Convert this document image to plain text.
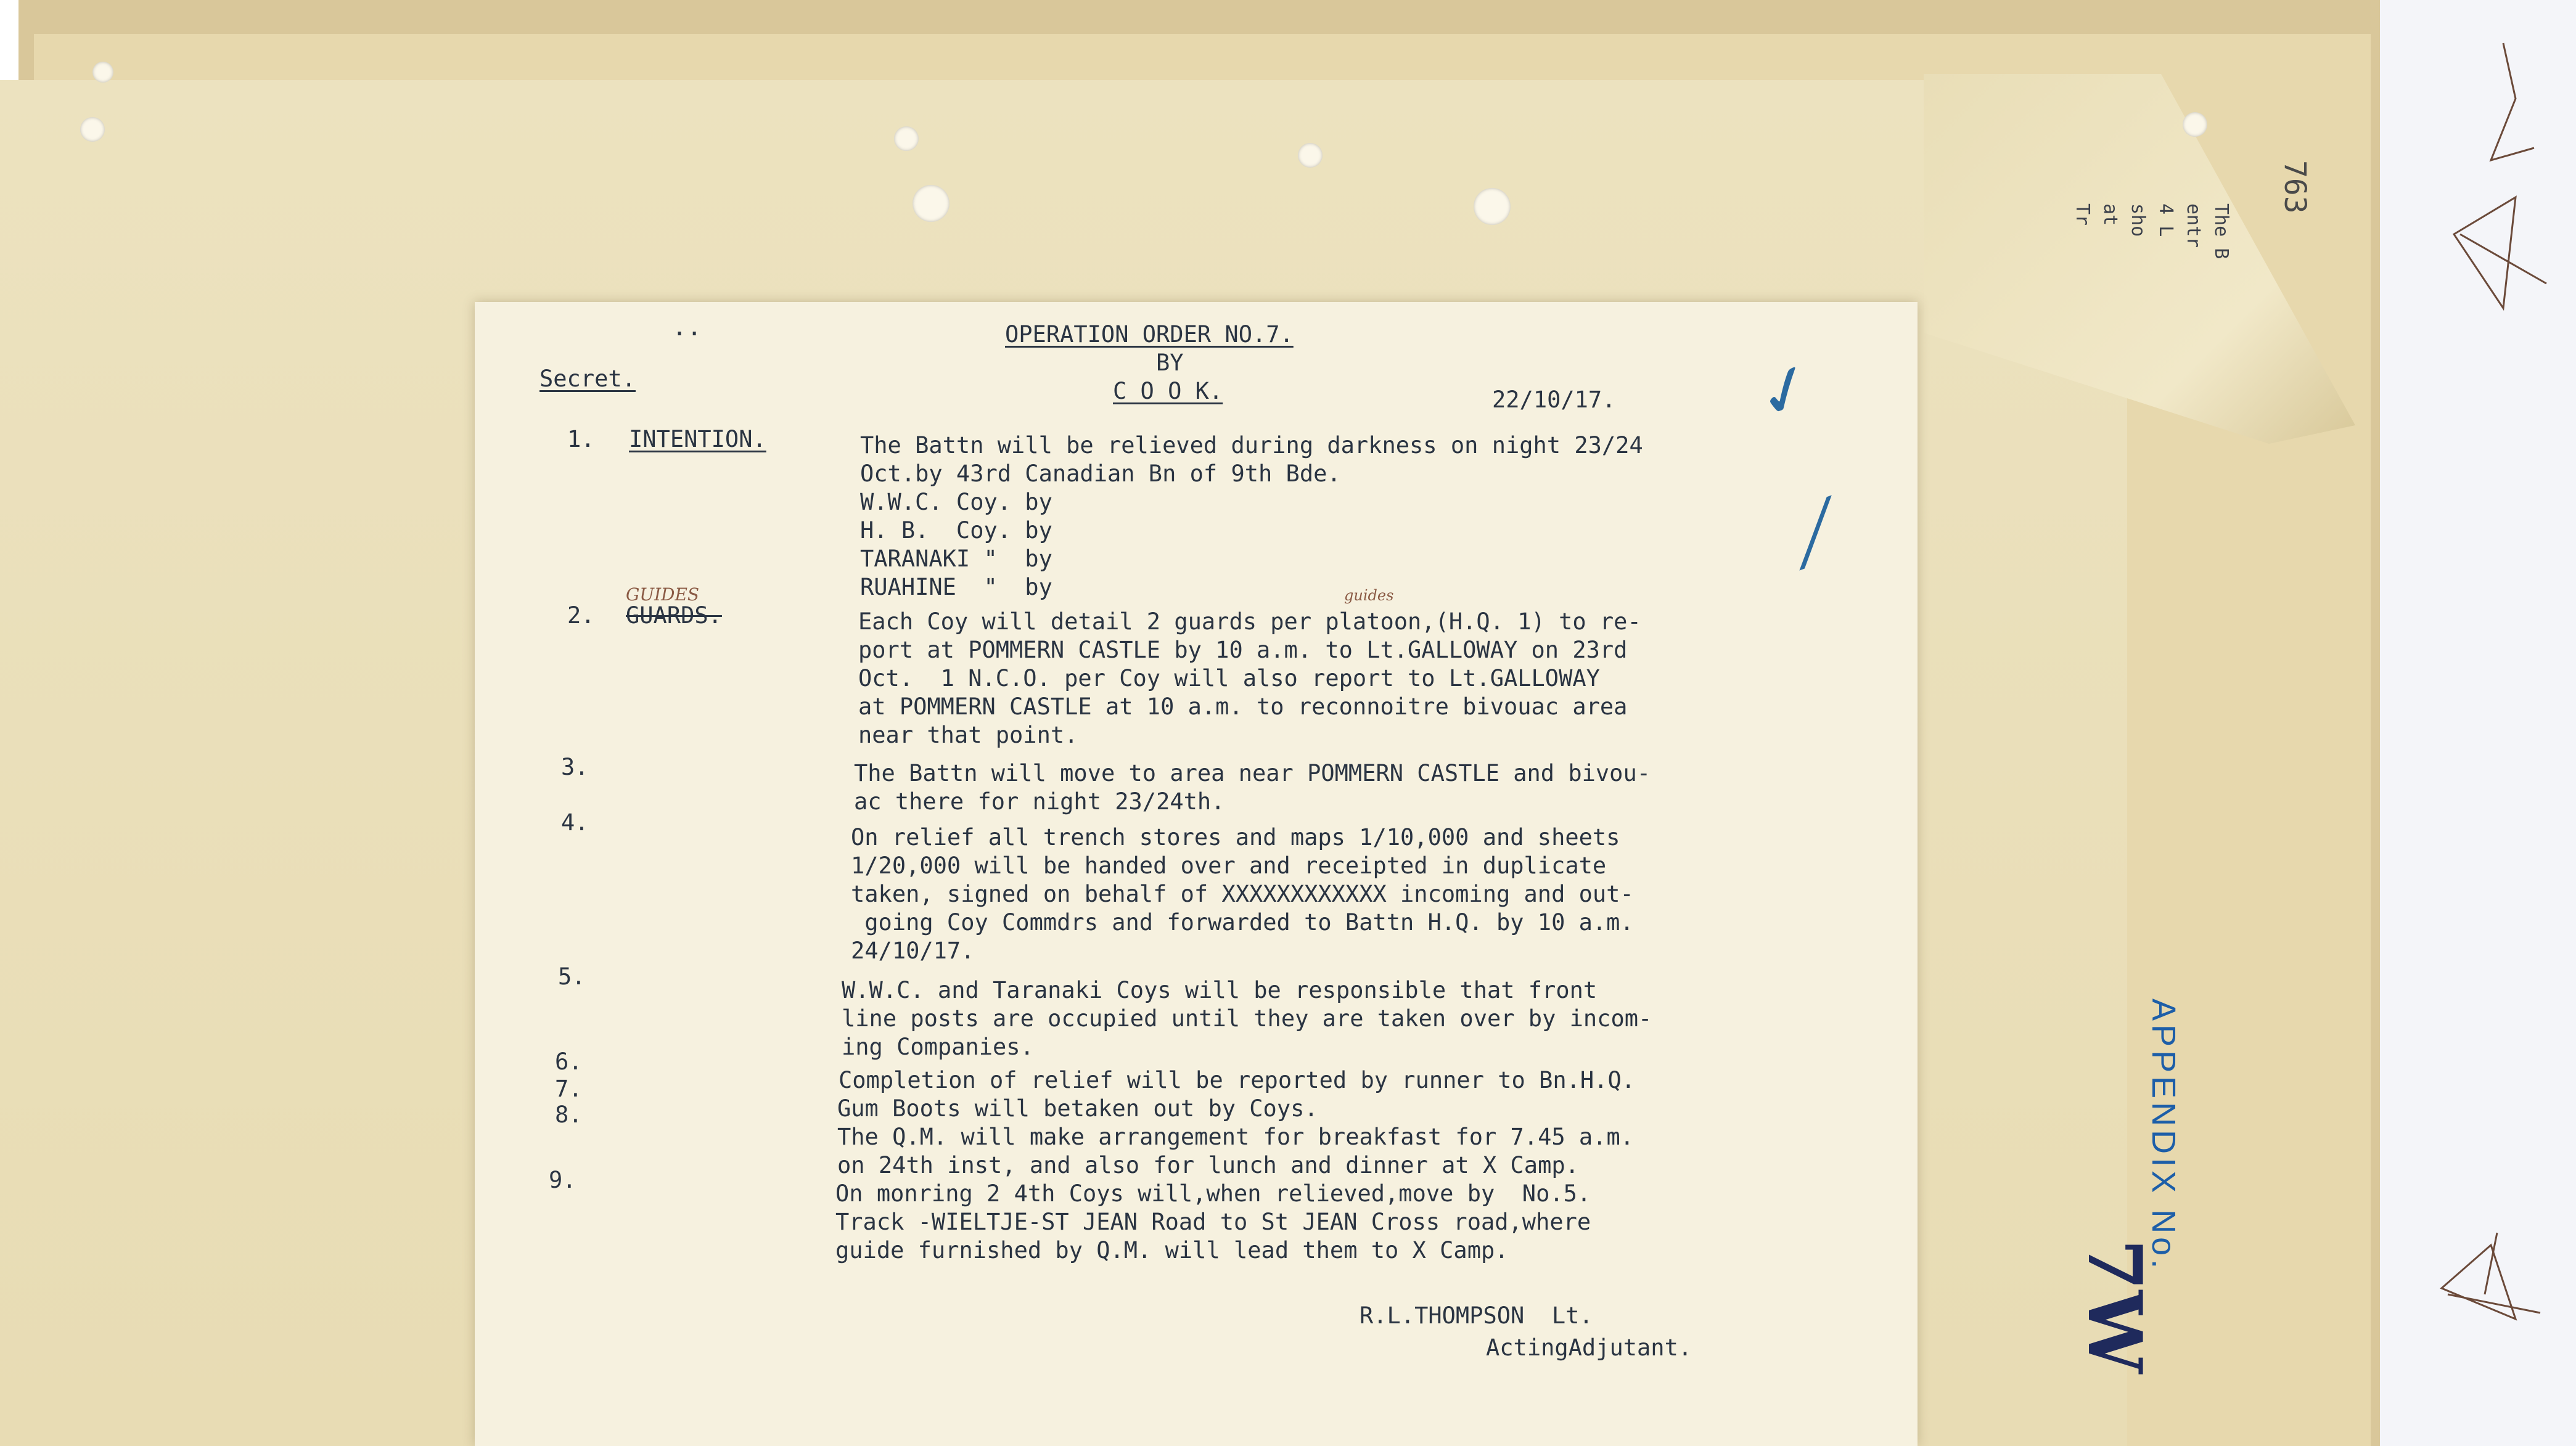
The B
entr
4 L
sho
at
Tr
763
..	OPERATION ORDER NO.7.
BY
C O O K.
Secret.
22/10/17. ✓
⟋
1. INTENTION.	The Battn will be relieved during darkness on night 23/24
Oct.by 43rd Canadian Bn of 9th Bde.
W.W.C. Coy. by
H. B.  Coy. by
TARANAKI "  by
RUAHINE  "  by
GUIDES
2. GUARDS.
guides
Each Coy will detail 2 guards per platoon,(H.Q. 1) to re-
port at POMMERN CASTLE by 10 a.m. to Lt.GALLOWAY on 23rd
Oct.  1 N.C.O. per Coy will also report to Lt.GALLOWAY
at POMMERN CASTLE at 10 a.m. to reconnoitre bivouac area
near that point.
3.	The Battn will move to area near POMMERN CASTLE and bivou-
ac there for night 23/24th.
4.
On relief all trench stores and maps 1/10,000 and sheets
1/20,000 will be handed over and receipted in duplicate
taken, signed on behalf of XXXXXXXXXXXX incoming and out-
going Coy Commdrs and forwarded to Battn H.Q. by 10 a.m.
24/10/17.
5.
W.W.C. and Taranaki Coys will be responsible that front
line posts are occupied until they are taken over by incom-
ing Companies.
6.
Completion of relief will be reported by runner to Bn.H.Q.
7.
Gum Boots will betaken out by Coys.
8.
The Q.M. will make arrangement for breakfast for 7.45 a.m.
on 24th inst, and also for lunch and dinner at X Camp.
9.
On monring 2 4th Coys will,when relieved,move by  No.5.
Track -WIELTJE-ST JEAN Road to St JEAN Cross road,where
guide furnished by Q.M. will lead them to X Camp.
R.L.THOMPSON  Lt.
ActingAdjutant.
APPENDIX No.
7W
